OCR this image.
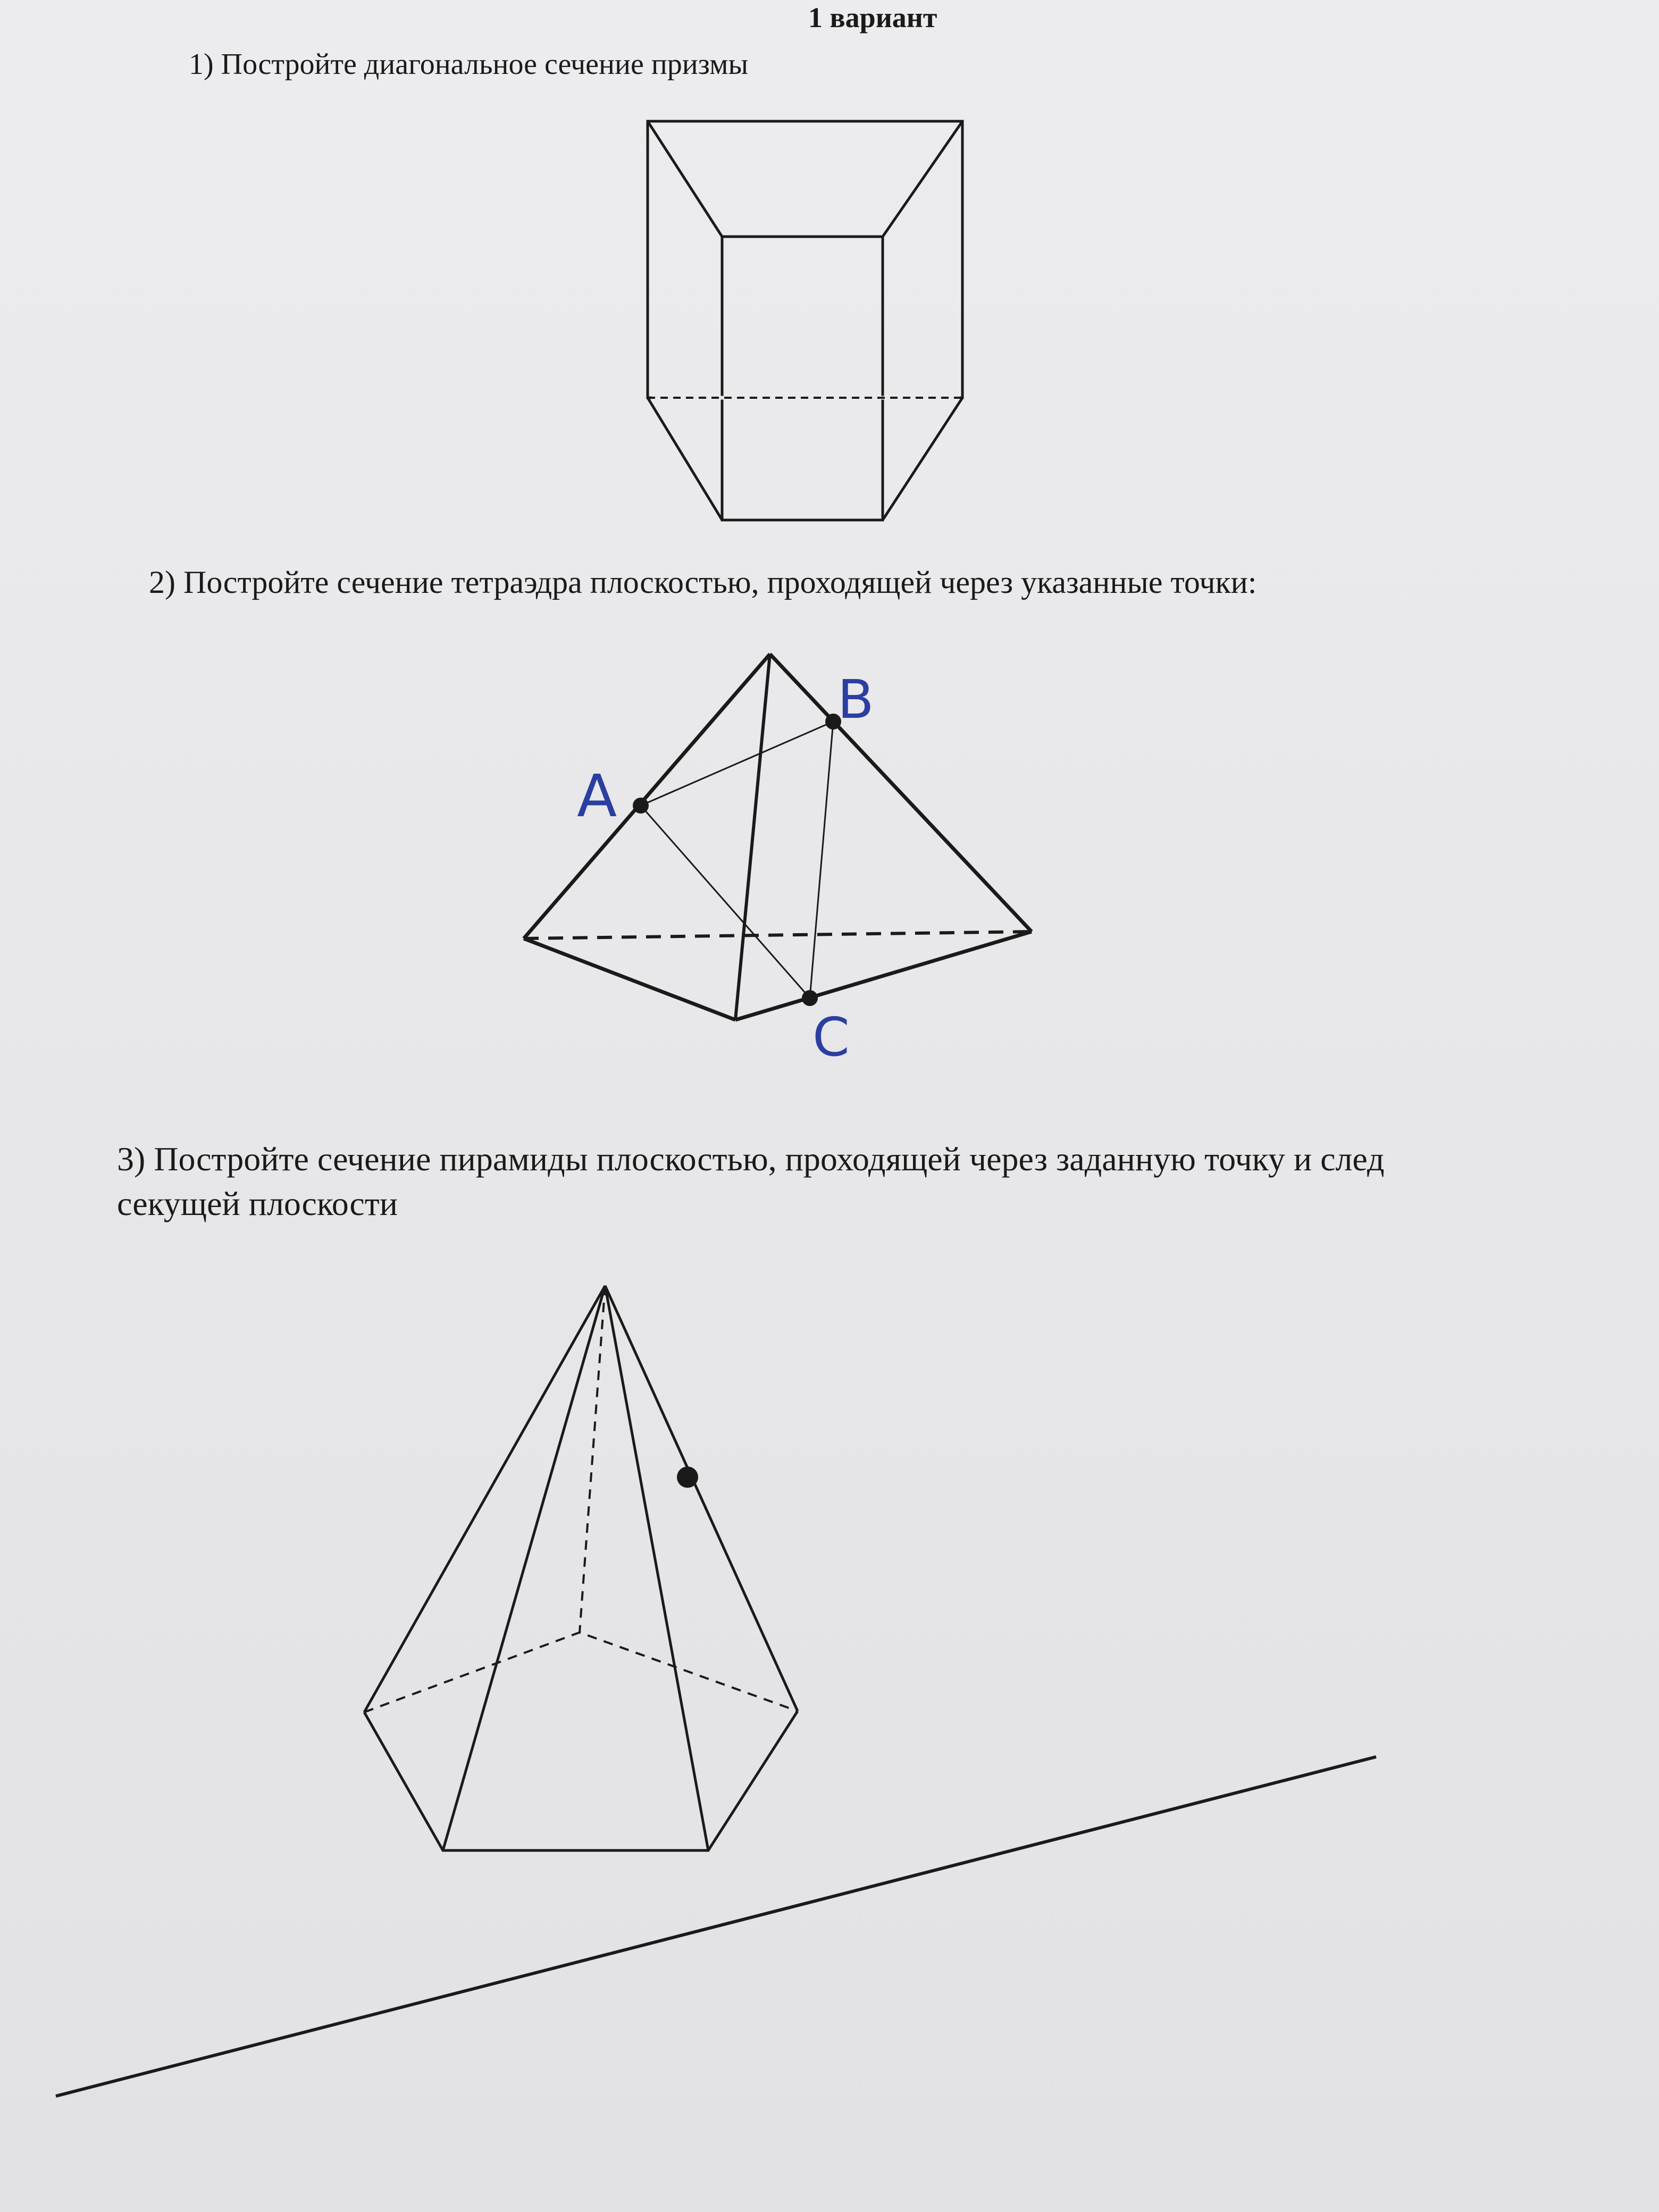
1 вариант
1) Постройте диагональное сечение призмы
2) Постройте сечение тетраэдра плоскостью, проходящей через указанные точки:
3) Постройте сечение пирамиды плоскостью, проходящей через заданную точку и след
секущей плоскости
A
B
C
